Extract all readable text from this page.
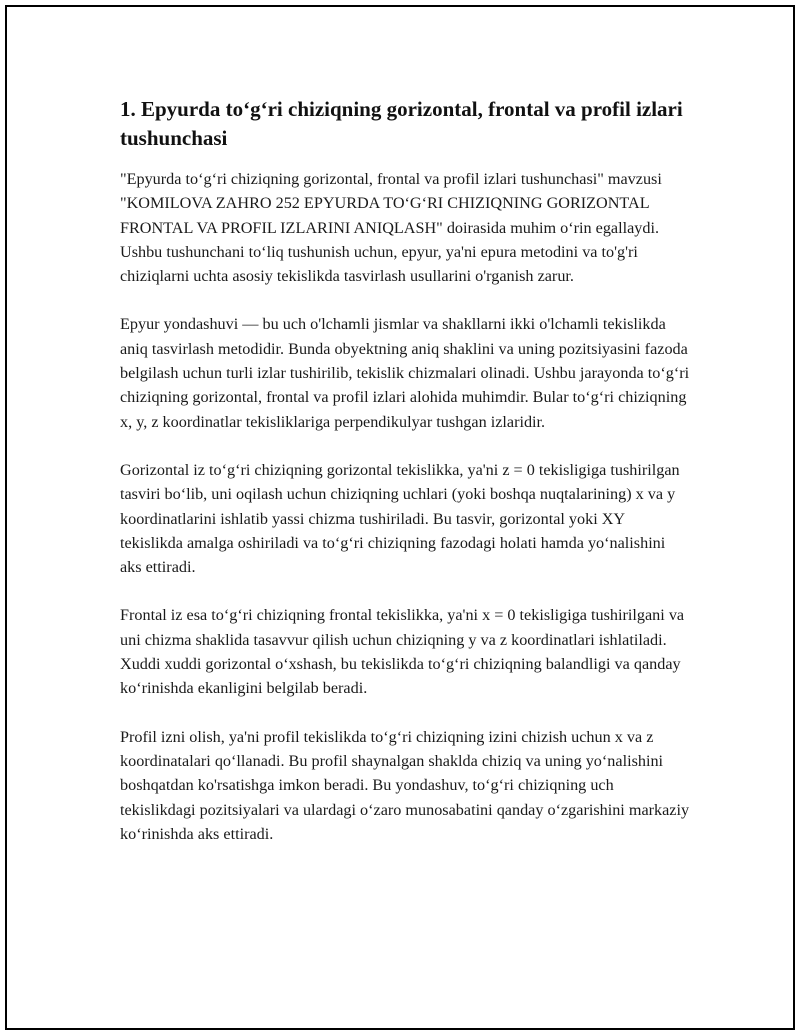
1. Epyurda to‘g‘ri chiziqning gorizontal, frontal va profil izlari tushunchasi

"Epyurda to‘g‘ri chiziqning gorizontal, frontal va profil izlari tushunchasi" mavzusi "KOMILOVA ZAHRO 252 EPYURDA TO‘G‘RI CHIZIQNING GORIZONTAL FRONTAL VA PROFIL IZLARINI ANIQLASH" doirasida muhim o‘rin egallaydi. Ushbu tushunchani to‘liq tushunish uchun, epyur, ya'ni epura metodini va to'g'ri chiziqlarni uchta asosiy tekislikda tasvirlash usullarini o'rganish zarur.

Epyur yondashuvi — bu uch o'lchamli jismlar va shakllarni ikki o'lchamli tekislikda aniq tasvirlash metodidir. Bunda obyektning aniq shaklini va uning pozitsiyasini fazoda belgilash uchun turli izlar tushirilib, tekislik chizmalari olinadi. Ushbu jarayonda to‘g‘ri chiziqning gorizontal, frontal va profil izlari alohida muhimdir. Bular to‘g‘ri chiziqning x, y, z koordinatlar tekisliklariga perpendikulyar tushgan izlaridir.

Gorizontal iz to‘g‘ri chiziqning gorizontal tekislikka, ya'ni z = 0 tekisligiga tushirilgan tasviri bo‘lib, uni oqilash uchun chiziqning uchlari (yoki boshqa nuqtalarining) x va y koordinatlarini ishlatib yassi chizma tushiriladi. Bu tasvir, gorizontal yoki XY tekislikda amalga oshiriladi va to‘g‘ri chiziqning fazodagi holati hamda yo‘nalishini aks ettiradi.

Frontal iz esa to‘g‘ri chiziqning frontal tekislikka, ya'ni x = 0 tekisligiga tushirilgani va uni chizma shaklida tasavvur qilish uchun chiziqning y va z koordinatlari ishlatiladi. Xuddi xuddi gorizontal o‘xshash, bu tekislikda to‘g‘ri chiziqning balandligi va qanday ko‘rinishda ekanligini belgilab beradi.

Profil izni olish, ya'ni profil tekislikda to‘g‘ri chiziqning izini chizish uchun x va z koordinatalari qo‘llanadi. Bu profil shaynalgan shaklda chiziq va uning yo‘nalishini boshqatdan ko'rsatishga imkon beradi. Bu yondashuv, to‘g‘ri chiziqning uch tekislikdagi pozitsiyalari va ulardagi o‘zaro munosabatini qanday o‘zgarishini markaziy ko‘rinishda aks ettiradi.
